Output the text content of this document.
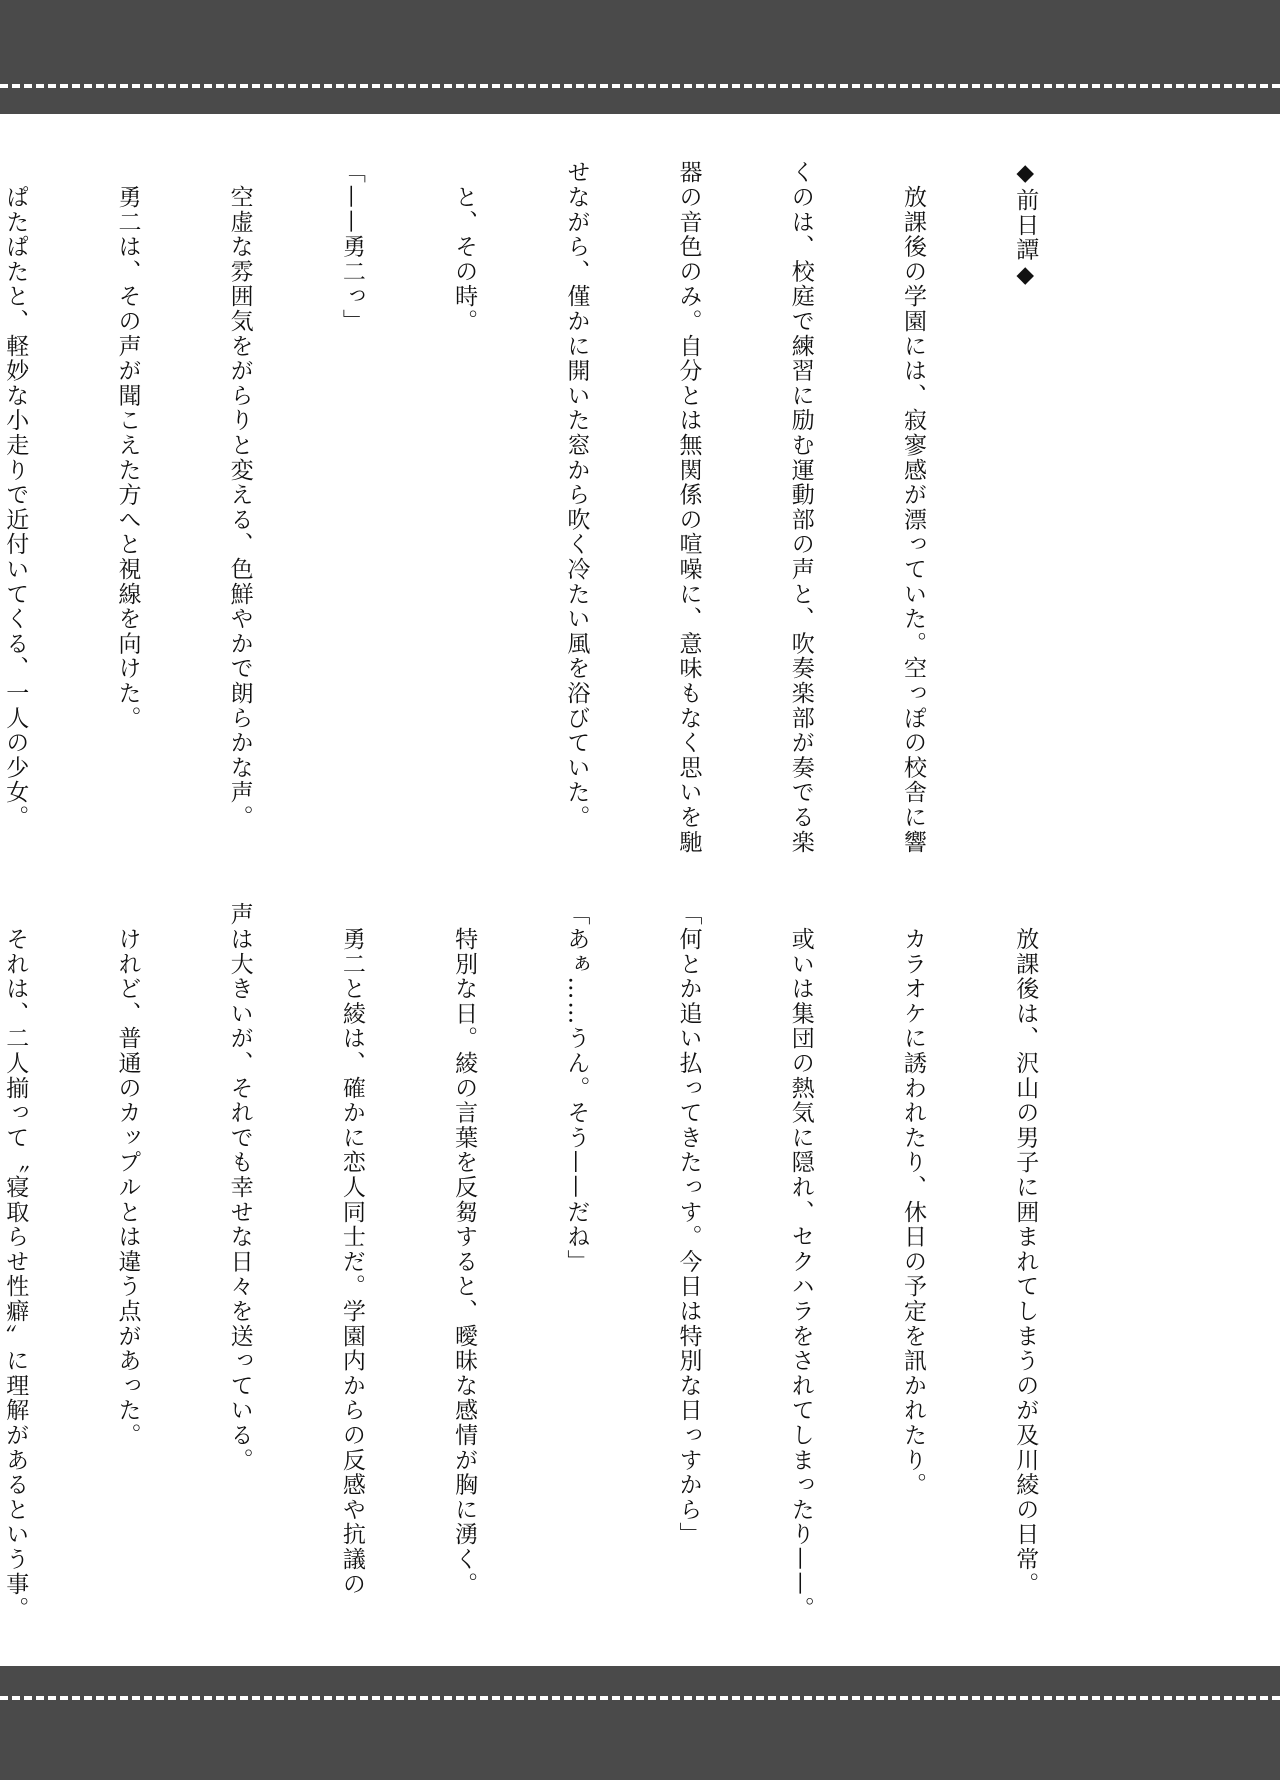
◆前日譚◆

　放課後の学園には、寂寥感が漂っていた。空っぽの校舎に響

くのは、校庭で練習に励む運動部の声と、吹奏楽部が奏でる楽

器の音色のみ。自分とは無関係の喧噪に、意味もなく思いを馳

せながら、僅かに開いた窓から吹く冷たい風を浴びていた。

　と、その時。

「——勇二っ」

　空虚な雰囲気をがらりと変える、色鮮やかで朗らかな声。

　勇二は、その声が聞こえた方へと視線を向けた。

　ぱたぱたと、軽妙な小走りで近付いてくる、一人の少女。

　放課後は、沢山の男子に囲まれてしまうのが及川綾の日常。

　カラオケに誘われたり、休日の予定を訊かれたり。

　或いは集団の熱気に隠れ、セクハラをされてしまったり——。

「何とか追い払ってきたっす。今日は特別な日っすから」

「あぁ……うん。そう——だね」

　特別な日。綾の言葉を反芻すると、曖昧な感情が胸に湧く。

　勇二と綾は、確かに恋人同士だ。学園内からの反感や抗議の

声は大きいが、それでも幸せな日々を送っている。

　けれど、普通のカップルとは違う点があった。

　それは、二人揃って〝寝取らせ性癖〟に理解があるという事。
